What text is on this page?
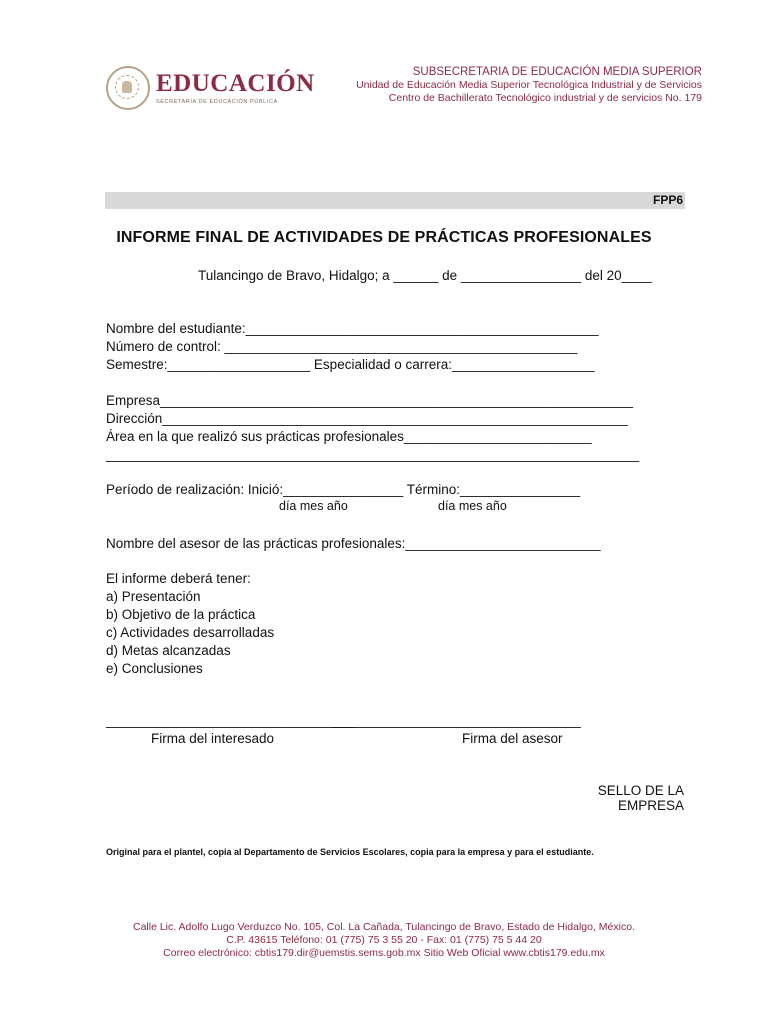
EDUCACIÓN
SECRETARÍA DE EDUCACIÓN PÚBLICA
SUBSECRETARIA DE EDUCACIÓN MEDIA SUPERIOR
Unidad de Educación Media Superior Tecnológica Industrial y de Servicios
Centro de Bachillerato Tecnológico industrial y de servicios No. 179
FPP6
INFORME FINAL DE ACTIVIDADES DE PRÁCTICAS PROFESIONALES
Tulancingo de Bravo, Hidalgo; a ______ de ________________ del 20____
Nombre del estudiante:_______________________________________________
Número de control: _______________________________________________
Semestre:___________________ Especialidad o carrera:___________________
Empresa_______________________________________________________________
Dirección______________________________________________________________
Área en la que realizó sus prácticas profesionales_________________________
_______________________________________________________________________
Período de realización: Inició:________________ Término:________________
día mes año	día mes año
Nombre del asesor de las prácticas profesionales:__________________________
El informe deberá tener:
a) Presentación
b) Objetivo de la práctica
c) Actividades desarrolladas
d) Metas alcanzadas
e) Conclusiones
_________________________________
_________________________________
Firma del interesado	Firma del asesor
SELLO DE LA
EMPRESA
Original para el plantel, copia al Departamento de Servicios Escolares, copia para la empresa y para el estudiante.
Calle Lic. Adolfo Lugo Verduzco No. 105, Col. La Cañada, Tulancingo de Bravo, Estado de Hidalgo, México.
C.P. 43615 Teléfono: 01 (775) 75 3 55 20 - Fax: 01 (775) 75 5 44 20
Correo electrónico: cbtis179.dir@uemstis.sems.gob.mx Sitio Web Oficial www.cbtis179.edu.mx
